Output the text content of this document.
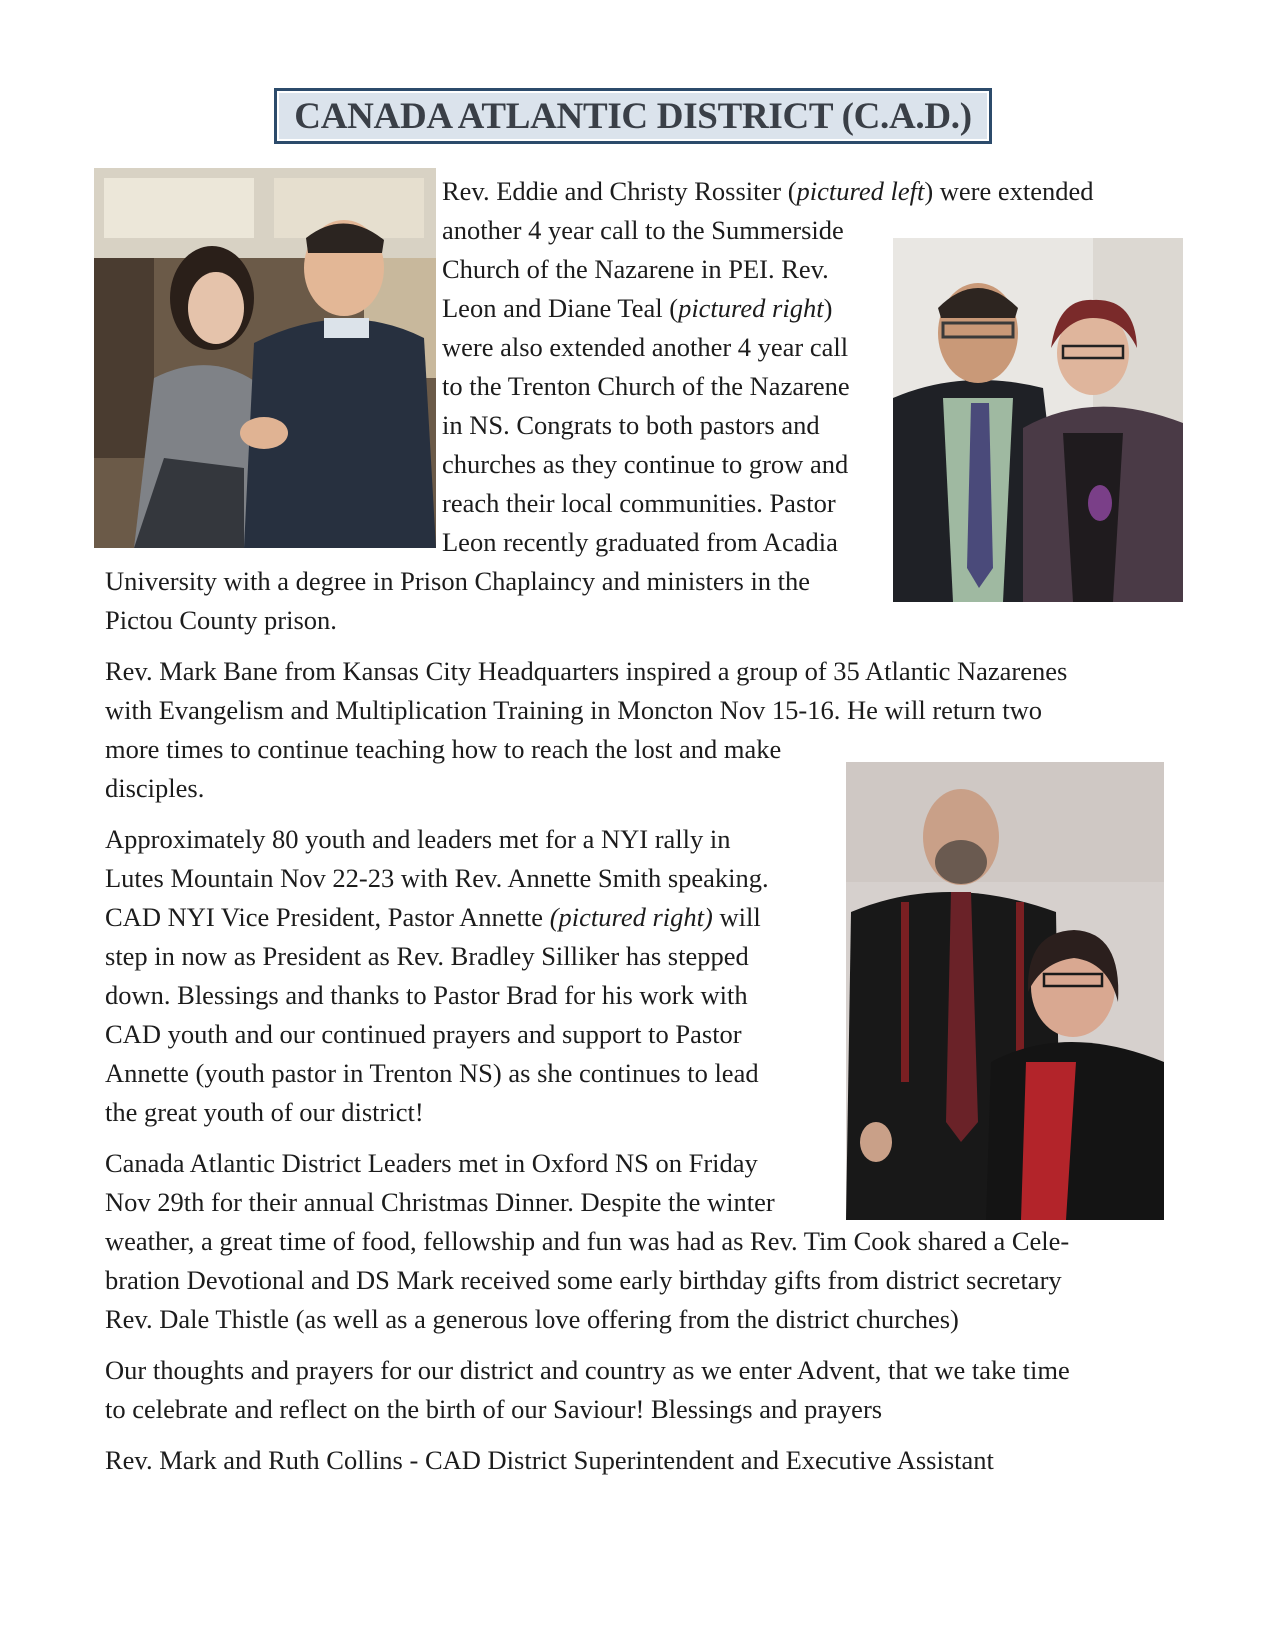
CANADA ATLANTIC DISTRICT (C.A.D.)
Rev. Eddie and Christy Rossiter (pictured left) were extended
another 4 year call to the Summerside
Church of the Nazarene in PEI. Rev.
Leon and Diane Teal (pictured right)
were also extended another 4 year call
to the Trenton Church of the Nazarene
in NS. Congrats to both pastors and
churches as they continue to grow and
reach their local communities. Pastor
Leon recently graduated from Acadia
University with a degree in Prison Chaplaincy and ministers in the
Pictou County prison.
Rev. Mark Bane from Kansas City Headquarters inspired a group of 35 Atlantic Nazarenes
with Evangelism and Multiplication Training in Moncton Nov 15-16. He will return two
more times to continue teaching how to reach the lost and make
disciples.
Approximately 80 youth and leaders met for a NYI rally in
Lutes Mountain Nov 22-23 with Rev. Annette Smith speaking.
CAD NYI Vice President, Pastor Annette (pictured right) will
step in now as President as Rev. Bradley Silliker has stepped
down. Blessings and thanks to Pastor Brad for his work with
CAD youth and our continued prayers and support to Pastor
Annette (youth pastor in Trenton NS) as she continues to lead
the great youth of our district!
Canada Atlantic District Leaders met in Oxford NS on Friday
Nov 29th for their annual Christmas Dinner. Despite the winter
weather, a great time of food, fellowship and fun was had as Rev. Tim Cook shared a Cele-
bration Devotional and DS Mark received some early birthday gifts from district secretary
Rev. Dale Thistle (as well as a generous love offering from the district churches)
Our thoughts and prayers for our district and country as we enter Advent, that we take time
to celebrate and reflect on the birth of our Saviour! Blessings and prayers
Rev. Mark and Ruth Collins - CAD District Superintendent and Executive Assistant
